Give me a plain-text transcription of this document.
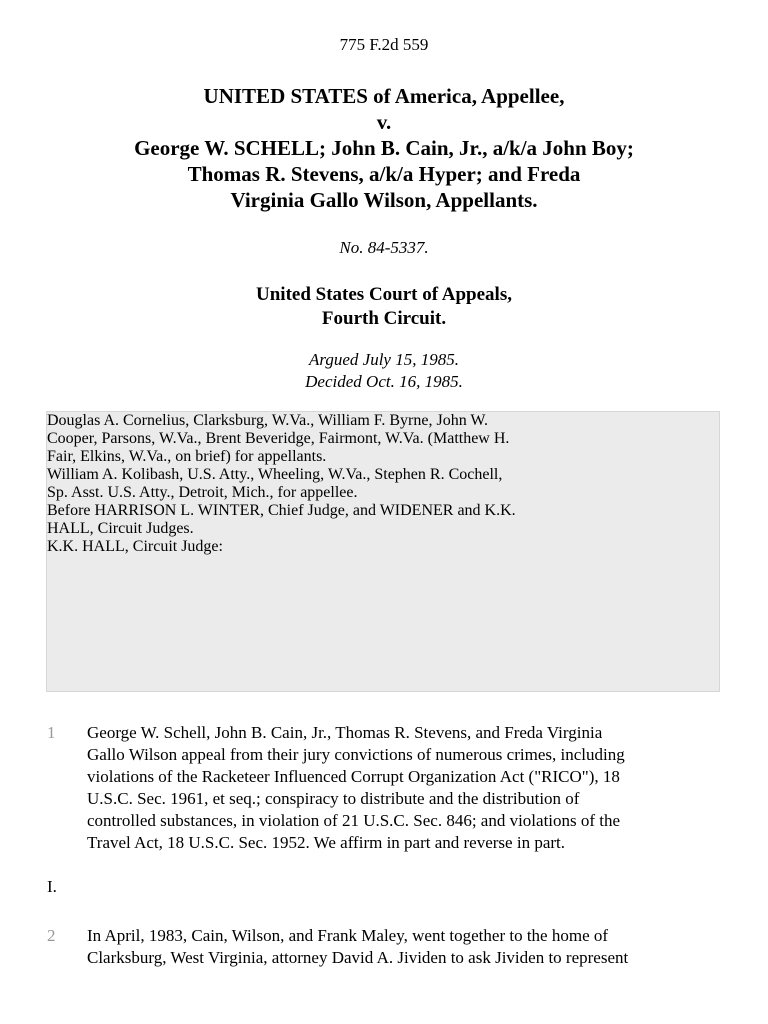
775 F.2d 559
UNITED STATES of America, Appellee,
v.
George W. SCHELL; John B. Cain, Jr., a/k/a John Boy;
Thomas R. Stevens, a/k/a Hyper; and Freda
Virginia Gallo Wilson, Appellants.
No. 84-5337.
United States Court of Appeals,
Fourth Circuit.
Argued July 15, 1985.
Decided Oct. 16, 1985.

Douglas A. Cornelius, Clarksburg, W.Va., William F. Byrne, John W.
Cooper, Parsons, W.Va., Brent Beveridge, Fairmont, W.Va. (Matthew H.
Fair, Elkins, W.Va., on brief) for appellants.

William A. Kolibash, U.S. Atty., Wheeling, W.Va., Stephen R. Cochell,
Sp. Asst. U.S. Atty., Detroit, Mich., for appellee.

Before HARRISON L. WINTER, Chief Judge, and WIDENER and K.K.
HALL, Circuit Judges.

K.K. HALL, Circuit Judge:

1 George W. Schell, John B. Cain, Jr., Thomas R. Stevens, and Freda Virginia
Gallo Wilson appeal from their jury convictions of numerous crimes, including
violations of the Racketeer Influenced Corrupt Organization Act ("RICO"), 18
U.S.C. Sec. 1961, et seq.; conspiracy to distribute and the distribution of
controlled substances, in violation of 21 U.S.C. Sec. 846; and violations of the
Travel Act, 18 U.S.C. Sec. 1952. We affirm in part and reverse in part.
I.
2 In April, 1983, Cain, Wilson, and Frank Maley, went together to the home of
Clarksburg, West Virginia, attorney David A. Jividen to ask Jividen to represent
